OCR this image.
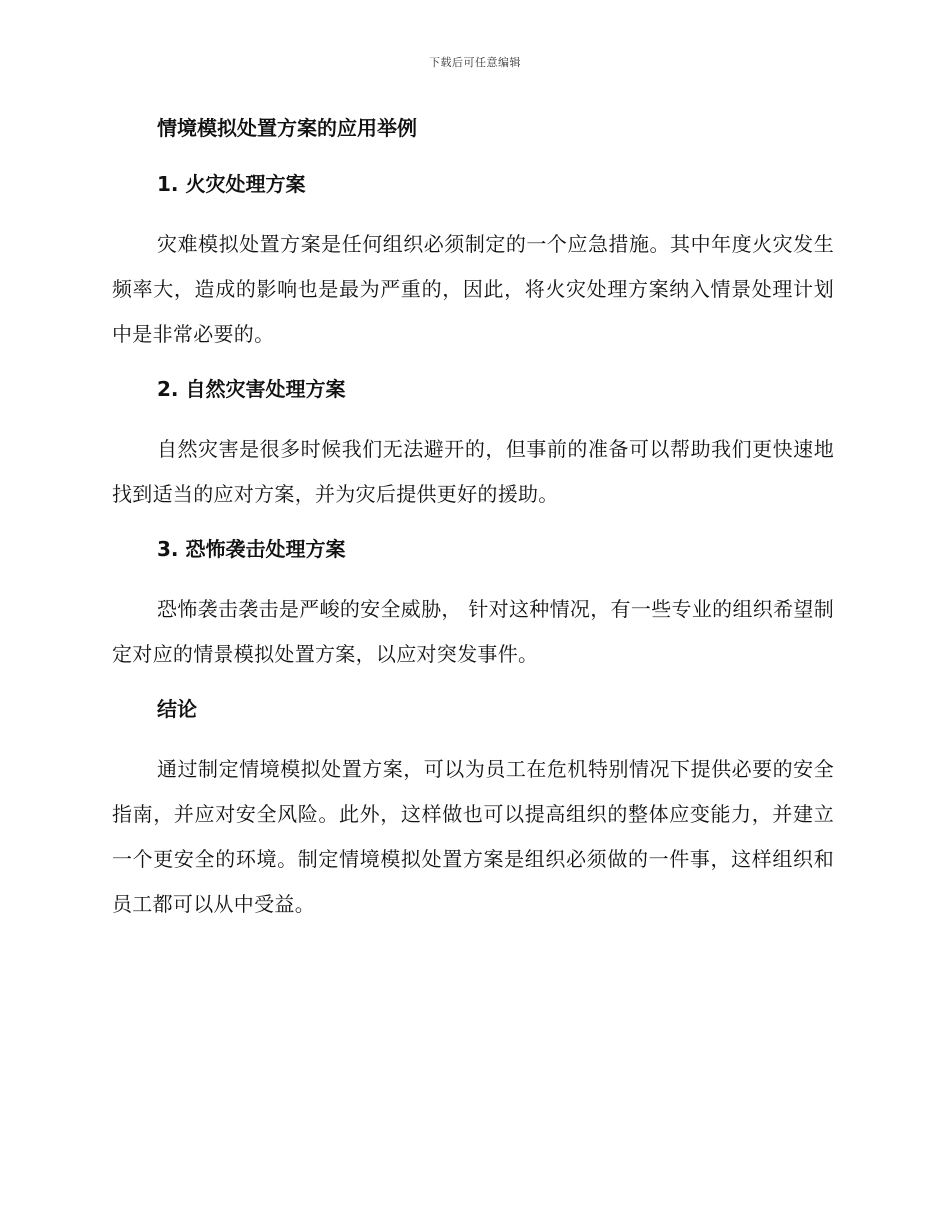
下载后可任意编辑
情境模拟处置方案的应用举例
1. 火灾处理方案

灾难模拟处置方案是任何组织必须制定的一个应急措施。其中年度火灾发生频率大，造成的影响也是最为严重的，因此，将火灾处理方案纳入情景处理计划中是非常必要的。

2. 自然灾害处理方案

自然灾害是很多时候我们无法避开的，但事前的准备可以帮助我们更快速地找到适当的应对方案，并为灾后提供更好的援助。

3. 恐怖袭击处理方案

恐怖袭击袭击是严峻的安全威胁， 针对这种情况，有一些专业的组织希望制定对应的情景模拟处置方案，以应对突发事件。

结论

通过制定情境模拟处置方案，可以为员工在危机特别情况下提供必要的安全指南，并应对安全风险。此外，这样做也可以提高组织的整体应变能力，并建立一个更安全的环境。制定情境模拟处置方案是组织必须做的一件事，这样组织和员工都可以从中受益。
